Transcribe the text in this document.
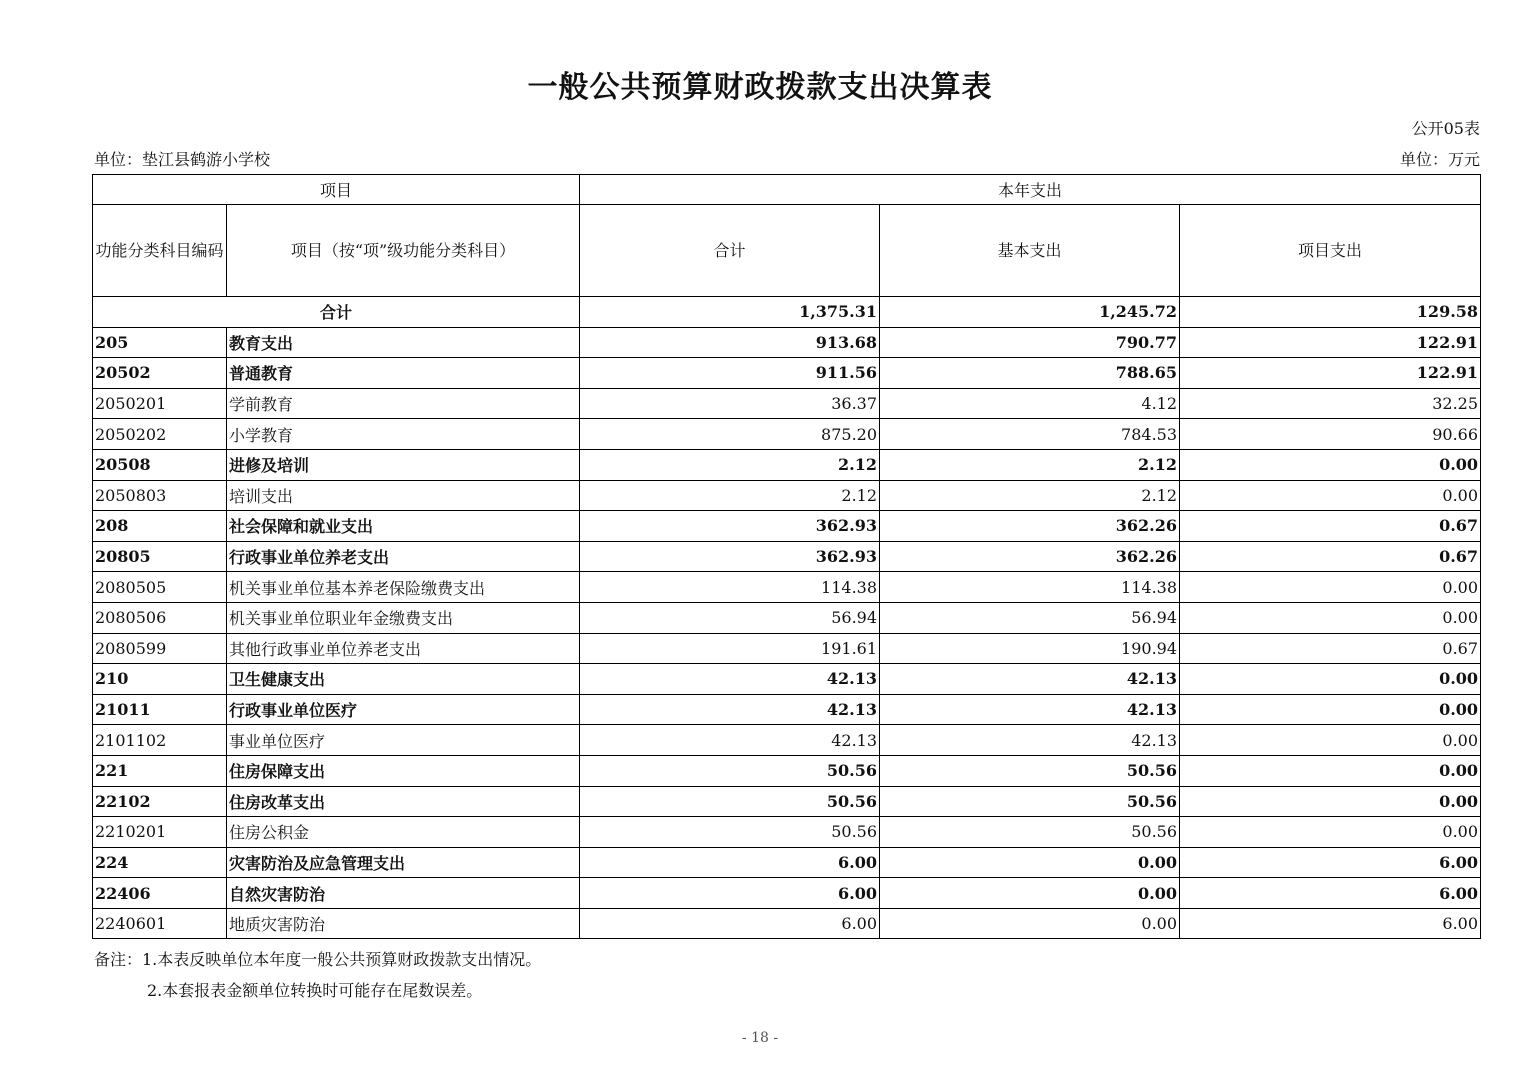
一般公共预算财政拨款支出决算表
公开05表
单位：垫江县鹤游小学校	单位：万元
项目		本年支出		
功能分类科目编码	项目（按“项”级功能分类科目）	合计	基本支出	项目支出
合计		1,375.31	1,245.72	129.58
205	教育支出	913.68	790.77	122.91
20502	普通教育	911.56	788.65	122.91
2050201	学前教育	36.37	4.12	32.25
2050202	小学教育	875.20	784.53	90.66
20508	进修及培训	2.12	2.12	0.00
2050803	培训支出	2.12	2.12	0.00
208	社会保障和就业支出	362.93	362.26	0.67
20805	行政事业单位养老支出	362.93	362.26	0.67
2080505	机关事业单位基本养老保险缴费支出	114.38	114.38	0.00
2080506	机关事业单位职业年金缴费支出	56.94	56.94	0.00
2080599	其他行政事业单位养老支出	191.61	190.94	0.67
210	卫生健康支出	42.13	42.13	0.00
21011	行政事业单位医疗	42.13	42.13	0.00
2101102	事业单位医疗	42.13	42.13	0.00
221	住房保障支出	50.56	50.56	0.00
22102	住房改革支出	50.56	50.56	0.00
2210201	住房公积金	50.56	50.56	0.00
224	灾害防治及应急管理支出	6.00	0.00	6.00
22406	自然灾害防治	6.00	0.00	6.00
2240601	地质灾害防治	6.00	0.00	6.00
备注：1.本表反映单位本年度一般公共预算财政拨款支出情况。
2.本套报表金额单位转换时可能存在尾数误差。
- 18 -
